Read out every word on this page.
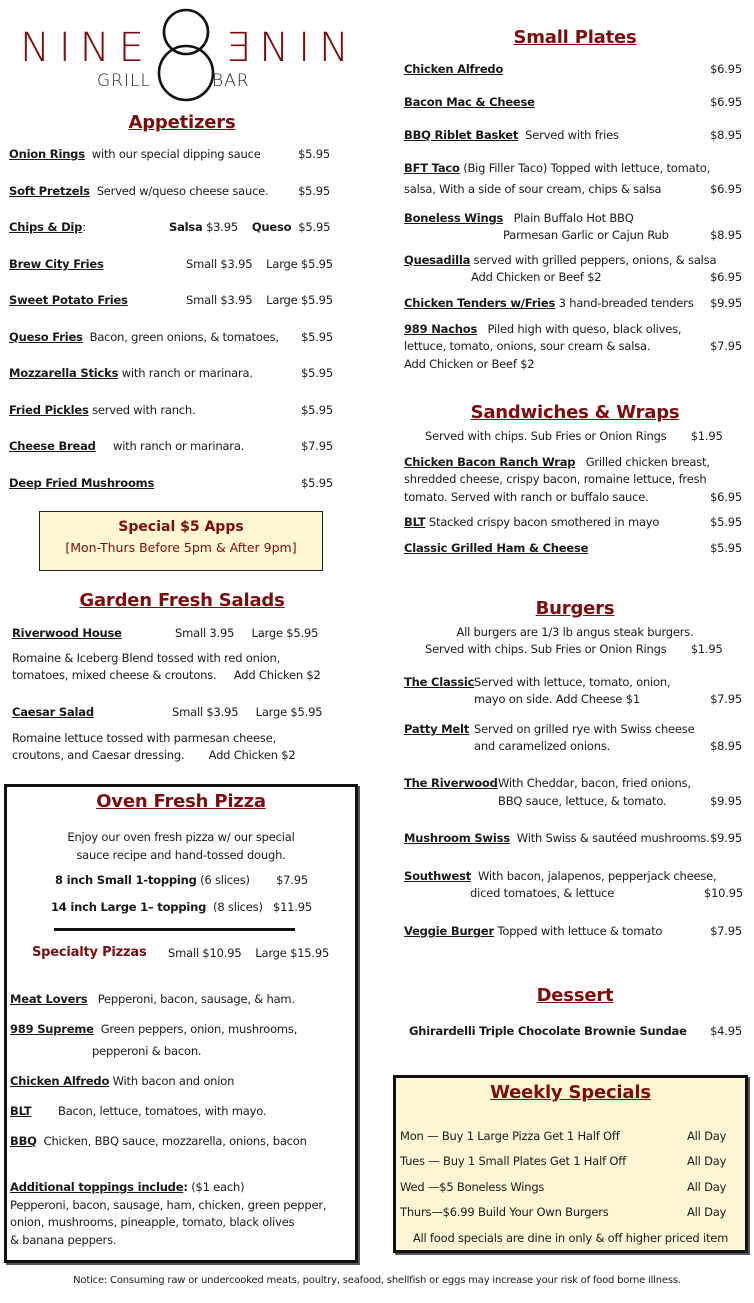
NINE ƎNIN
GRILL	BAR
Appetizers
Onion Rings with our special dipping sauce	$5.95
Soft Pretzels Served w/queso cheese sauce.	$5.95
Chips & Dip:	Salsa $3.95 Queso $5.95
Brew City Fries	Small $3.95 Large $5.95
Sweet Potato Fries	Small $3.95 Large $5.95
Queso Fries Bacon, green onions, & tomatoes,	$5.95
Mozzarella Sticks with ranch or marinara.	$5.95
Fried Pickles served with ranch.	$5.95
Cheese Bread with ranch or marinara.	$7.95
Deep Fried Mushrooms	$5.95
Special $5 Apps
[Mon-Thurs Before 5pm & After 9pm]
Garden Fresh Salads
Riverwood House	Small 3.95 Large $5.95
Romaine & Iceberg Blend tossed with red onion,
tomatoes, mixed cheese & croutons. Add Chicken $2
Caesar Salad	Small $3.95 Large $5.95
Romaine lettuce tossed with parmesan cheese,
croutons, and Caesar dressing. Add Chicken $2
Oven Fresh Pizza
Enjoy our oven fresh pizza w/ our special
sauce recipe and hand-tossed dough.
8 inch Small 1-topping (6 slices)	$7.95
14 inch Large 1– topping (8 slices) $11.95
Specialty Pizzas Small $10.95 Large $15.95
Meat Lovers Pepperoni, bacon, sausage, & ham.
989 Supreme Green peppers, onion, mushrooms,
pepperoni & bacon.
Chicken Alfredo With bacon and onion
BLT Bacon, lettuce, tomatoes, with mayo.
BBQ Chicken, BBQ sauce, mozzarella, onions, bacon
Additional toppings include: ($1 each)
Pepperoni, bacon, sausage, ham, chicken, green pepper,
onion, mushrooms, pineapple, tomato, black olives
& banana peppers.
Small Plates
Chicken Alfredo	$6.95
Bacon Mac & Cheese	$6.95
BBQ Riblet Basket Served with fries	$8.95
BFT Taco (Big Filler Taco) Topped with lettuce, tomato,
salsa, With a side of sour cream, chips & salsa	$6.95
Boneless Wings Plain Buffalo Hot BBQ
Parmesan Garlic or Cajun Rub	$8.95
Quesadilla served with grilled peppers, onions, & salsa
Add Chicken or Beef $2	$6.95
Chicken Tenders w/Fries 3 hand-breaded tenders	$9.95
989 Nachos Piled high with queso, black olives,
lettuce, tomato, onions, sour cream & salsa.	$7.95
Add Chicken or Beef $2
Sandwiches & Wraps
Served with chips. Sub Fries or Onion Rings $1.95
Chicken Bacon Ranch Wrap Grilled chicken breast,
shredded cheese, crispy bacon, romaine lettuce, fresh
tomato. Served with ranch or buffalo sauce.	$6.95
BLT Stacked crispy bacon smothered in mayo	$5.95
Classic Grilled Ham & Cheese	$5.95
Burgers
All burgers are 1/3 lb angus steak burgers.
Served with chips. Sub Fries or Onion Rings $1.95
The Classic Served with lettuce, tomato, onion,
mayo on side. Add Cheese $1	$7.95
Patty Melt Served on grilled rye with Swiss cheese
and caramelized onions.	$8.95
The Riverwood With Cheddar, bacon, fried onions,
BBQ sauce, lettuce, & tomato.	$9.95
Mushroom Swiss With Swiss & sautéed mushrooms. $9.95
Southwest With bacon, jalapenos, pepperjack cheese,
diced tomatoes, & lettuce	$10.95
Veggie Burger Topped with lettuce & tomato	$7.95
Dessert
Ghirardelli Triple Chocolate Brownie Sundae	$4.95
Weekly Specials
Mon — Buy 1 Large Pizza Get 1 Half Off	All Day
Tues — Buy 1 Small Plates Get 1 Half Off	All Day
Wed —$5 Boneless Wings	All Day
Thurs—$6.99 Build Your Own Burgers	All Day
All food specials are dine in only & off higher priced item
Notice: Consuming raw or undercooked meats, poultry, seafood, shellfish or eggs may increase your risk of food borne illness.
